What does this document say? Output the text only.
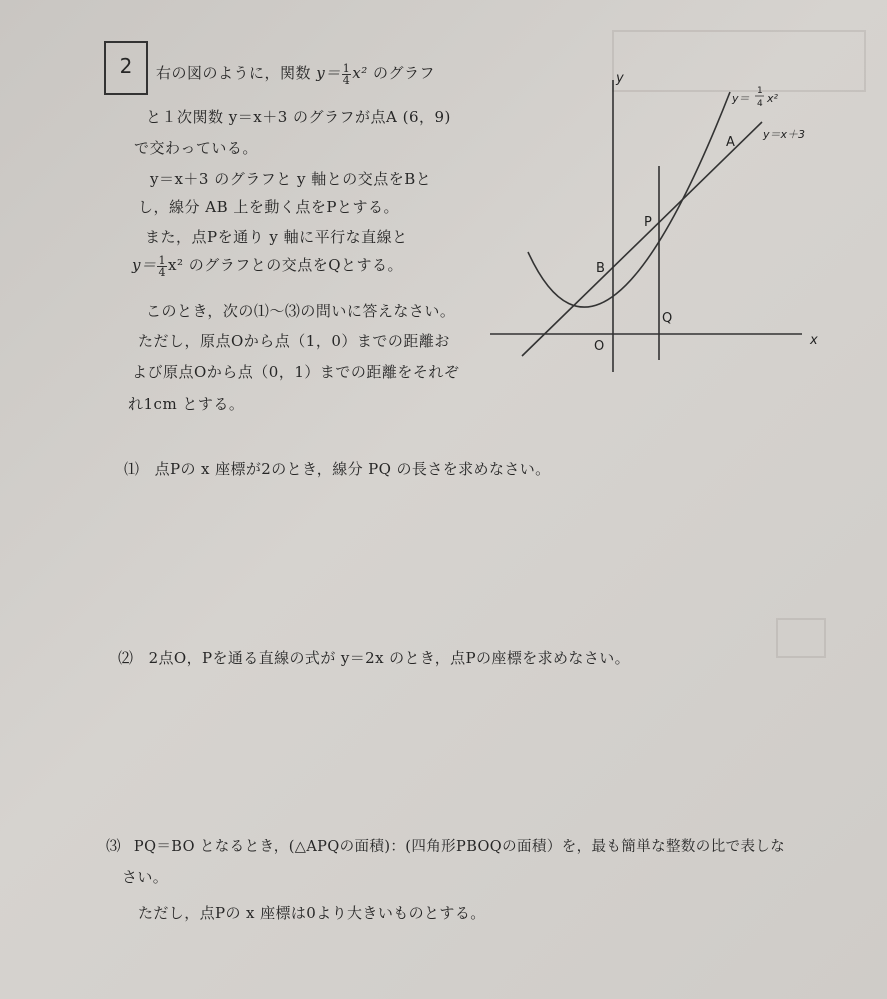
2	右の図のように，関数 $y= \frac{1}{4} x^2$ のグラフ
と１次関数 y＝x＋3 のグラフが点A (6，9)
で交わっている。
y＝x＋3 のグラフと y 軸との交点をBと
し，線分 AB 上を動く点をPとする。
また，点Pを通り y 軸に平行な直線と
$y= \frac{1}{4} x^2$ のグラフとの交点をQとする。
このとき，次の⑴〜⑶の問いに答えなさい。
ただし，原点Oから点（1，0）までの距離お
よび原点Oから点（0，1）までの距離をそれぞ
れ1cm とする。
y
x
O
A
B
P
Q
y＝
1
4 x²
y＝x＋3
⑴ 点Pの x 座標が2のとき，線分 PQ の長さを求めなさい。
⑵ 2点O，Pを通る直線の式が y＝2x のとき，点Pの座標を求めなさい。
⑶ PQ＝BO となるとき，(△APQの面積)：(四角形PBOQの面積）を，最も簡単な整数の比で表しな
さい。
ただし，点Pの x 座標は0より大きいものとする。
